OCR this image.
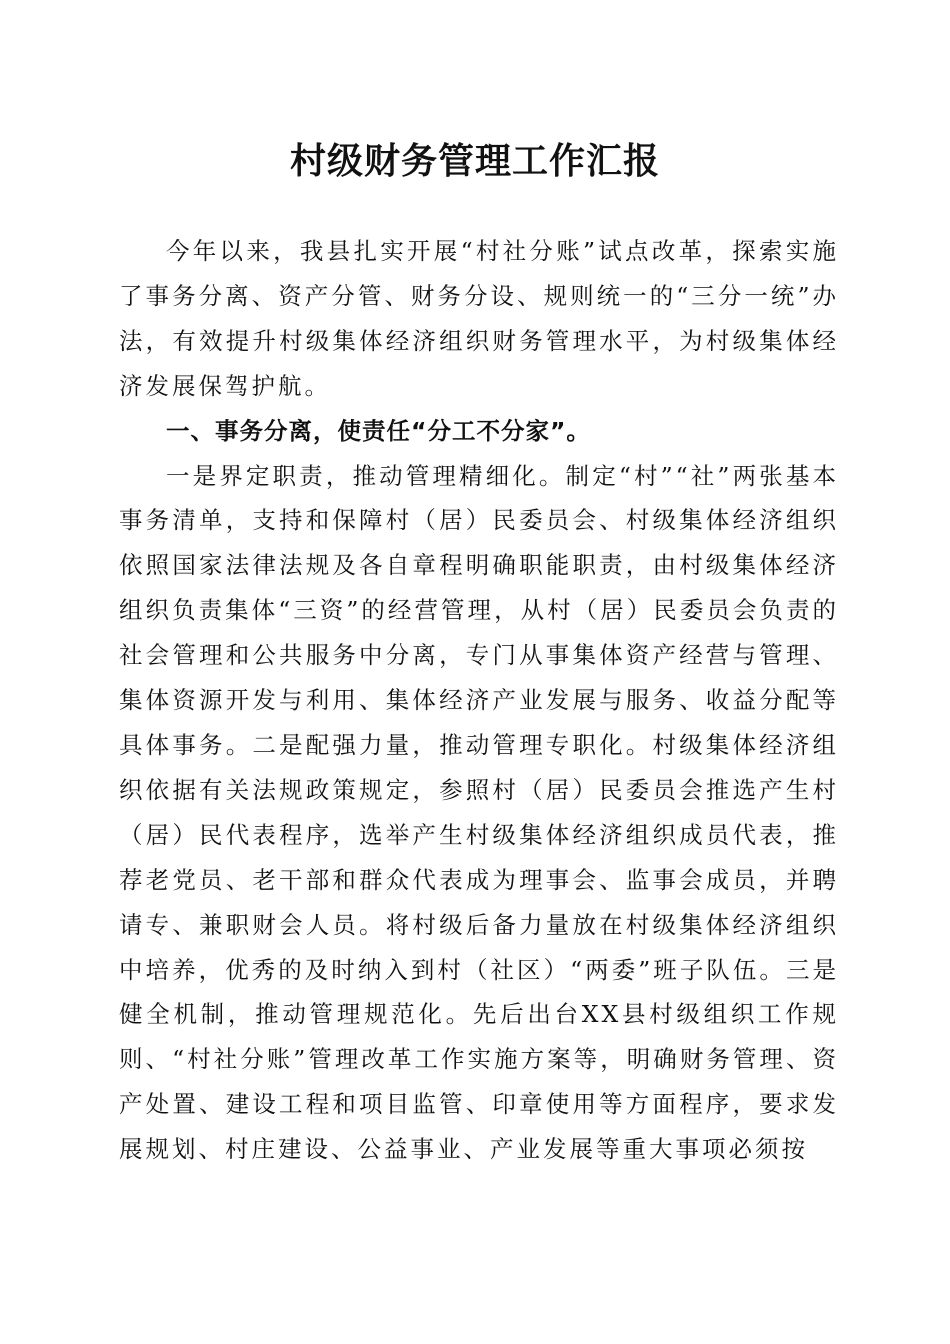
村级财务管理工作汇报

今年以来，我县扎实开展“村社分账”试点改革，探索实施了事务分离、资产分管、财务分设、规则统一的“三分一统”办法，有效提升村级集体经济组织财务管理水平，为村级集体经济发展保驾护航。

一、事务分离，使责任“分工不分家”。

一是界定职责，推动管理精细化。制定“村”“社”两张基本事务清单，支持和保障村（居）民委员会、村级集体经济组织依照国家法律法规及各自章程明确职能职责，由村级集体经济组织负责集体“三资”的经营管理，从村（居）民委员会负责的社会管理和公共服务中分离，专门从事集体资产经营与管理、集体资源开发与利用、集体经济产业发展与服务、收益分配等具体事务。二是配强力量，推动管理专职化。村级集体经济组织依据有关法规政策规定，参照村（居）民委员会推选产生村（居）民代表程序，选举产生村级集体经济组织成员代表，推荐老党员、老干部和群众代表成为理事会、监事会成员，并聘请专、兼职财会人员。将村级后备力量放在村级集体经济组织中培养，优秀的及时纳入到村（社区）“两委”班子队伍。三是健全机制，推动管理规范化。先后出台XX县村级组织工作规则、“村社分账”管理改革工作实施方案等，明确财务管理、资产处置、建设工程和项目监管、印章使用等方面程序，要求发展规划、村庄建设、公益事业、产业发展等重大事项必须按
